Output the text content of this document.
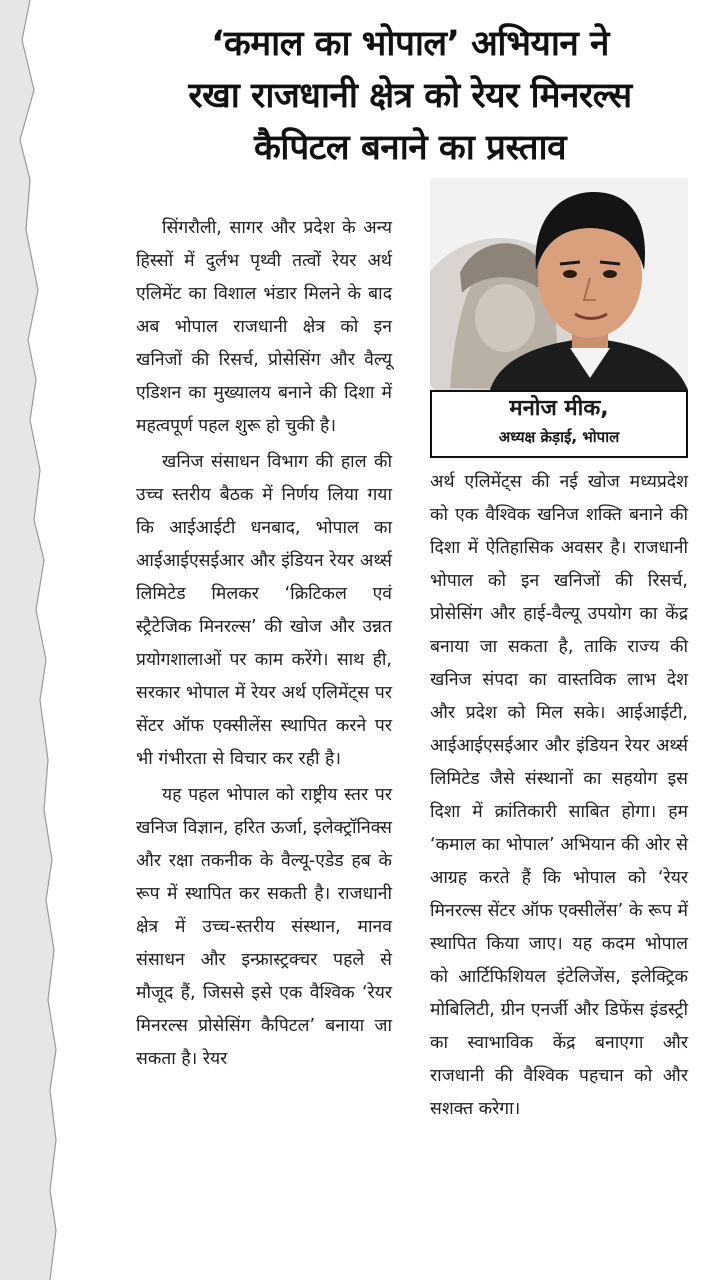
‘कमाल का भोपाल’ अभियान ने
रखा राजधानी क्षेत्र को रेयर मिनरल्स
कैपिटल बनाने का प्रस्ताव

सिंगरौली, सागर और प्रदेश के अन्य हिस्सों में दुर्लभ पृथ्वी तत्वों रेयर अर्थ एलिमेंट का विशाल भंडार मिलने के बाद अब भोपाल राजधानी क्षेत्र को इन खनिजों की रिसर्च, प्रोसेसिंग और वैल्यू एडिशन का मुख्यालय बनाने की दिशा में महत्वपूर्ण पहल शुरू हो चुकी है।

खनिज संसाधन विभाग की हाल की उच्च स्तरीय बैठक में निर्णय लिया गया कि आईआईटी धनबाद, भोपाल का आईआईएसईआर और इंडियन रेयर अर्थ्स लिमिटेड मिलकर ‘क्रिटिकल एवं स्ट्रैटेजिक मिनरल्स’ की खोज और उन्नत प्रयोगशालाओं पर काम करेंगे। साथ ही, सरकार भोपाल में रेयर अर्थ एलिमेंट्स पर सेंटर ऑफ एक्सीलेंस स्थापित करने पर भी गंभीरता से विचार कर रही है।

यह पहल भोपाल को राष्ट्रीय स्तर पर खनिज विज्ञान, हरित ऊर्जा, इलेक्ट्रॉनिक्स और रक्षा तकनीक के वैल्यू-एडेड हब के रूप में स्थापित कर सकती है। राजधानी क्षेत्र में उच्च-स्तरीय संस्थान, मानव संसाधन और इन्फ्रास्ट्रक्चर पहले से मौजूद हैं, जिससे इसे एक वैश्विक ‘रेयर मिनरल्स प्रोसेसिंग कैपिटल’ बनाया जा सकता है। रेयर

मनोज मीक,
अध्यक्ष क्रेड़ाई, भोपाल

अर्थ एलिमेंट्स की नई खोज मध्यप्रदेश को एक वैश्विक खनिज शक्ति बनाने की दिशा में ऐतिहासिक अवसर है। राजधानी भोपाल को इन खनिजों की रिसर्च, प्रोसेसिंग और हाई-वैल्यू उपयोग का केंद्र बनाया जा सकता है, ताकि राज्य की खनिज संपदा का वास्तविक लाभ देश और प्रदेश को मिल सके। आईआईटी, आईआईएसईआर और इंडियन रेयर अर्थ्स लिमिटेड जैसे संस्थानों का सहयोग इस दिशा में क्रांतिकारी साबित होगा। हम ‘कमाल का भोपाल’ अभियान की ओर से आग्रह करते हैं कि भोपाल को ‘रेयर मिनरल्स सेंटर ऑफ एक्सीलेंस’ के रूप में स्थापित किया जाए। यह कदम भोपाल को आर्टिफिशियल इंटेलिजेंस, इलेक्ट्रिक मोबिलिटी, ग्रीन एनर्जी और डिफेंस इंडस्ट्री का स्वाभाविक केंद्र बनाएगा और राजधानी की वैश्विक पहचान को और सशक्त करेगा।
